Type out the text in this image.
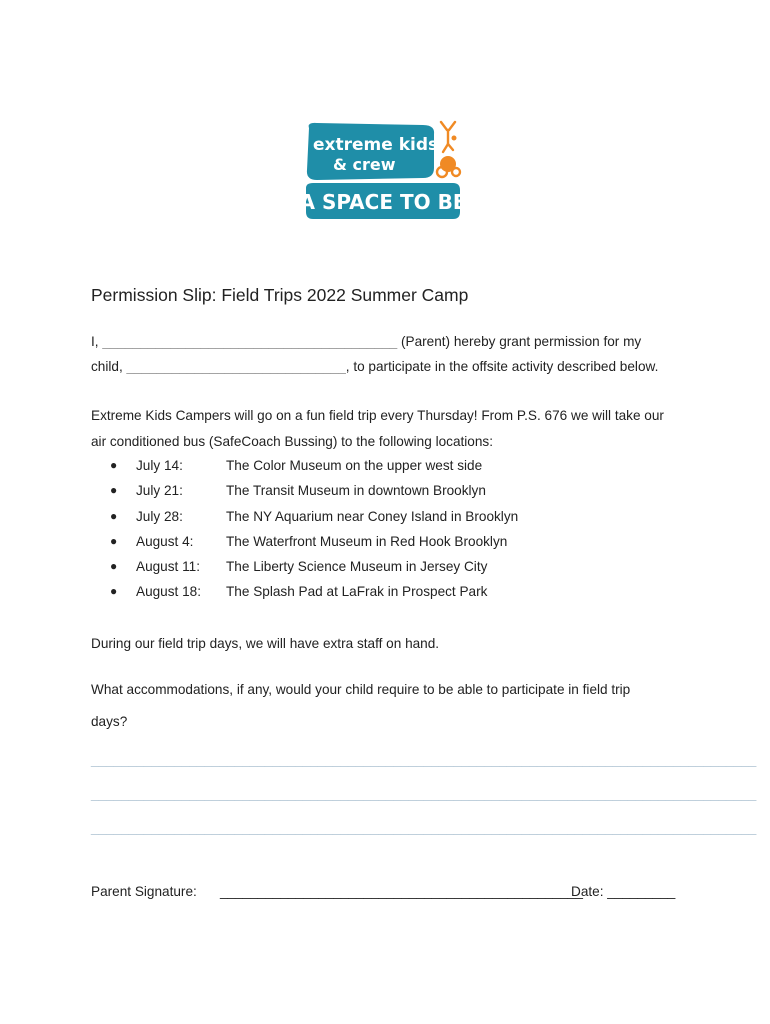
extreme kids
& crew
A SPACE TO BE
Permission Slip: Field Trips 2022 Summer Camp
I, _______________________________________ (Parent) hereby grant permission for my
child, _____________________________, to participate in the offsite activity described below.
Extreme Kids Campers will go on a fun field trip every Thursday! From P.S. 676 we will take our
air conditioned bus (SafeCoach Bussing) to the following locations:
● July 14:	The Color Museum on the upper west side
● July 21:	The Transit Museum in downtown Brooklyn
● July 28:	The NY Aquarium near Coney Island in Brooklyn
● August 4: The Waterfront Museum in Red Hook Brooklyn
● August 11: The Liberty Science Museum in Jersey City
● August 18: The Splash Pad at LaFrak in Prospect Park
During our field trip days, we will have extra staff on hand.
What accommodations, if any, would your child require to be able to participate in field trip
days?
________________________________________________________________________________________
________________________________________________________________________________________
________________________________________________________________________________________
Parent Signature: ________________________________________________
Date: _________
